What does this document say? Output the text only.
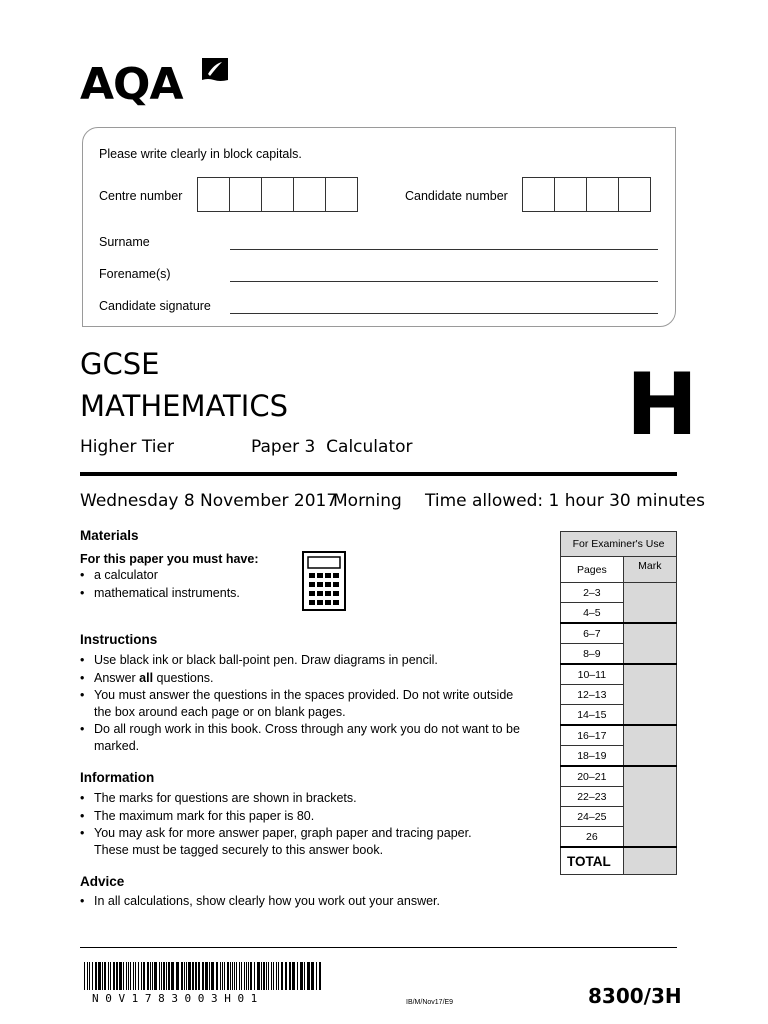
AQA
Please write clearly in block capitals.
Centre number	Candidate number
Surname
Forename(s)
Candidate signature
GCSE
MATHEMATICS
Higher Tier	Paper 3  Calculator H
Wednesday 8 November 2017
Morning Time allowed: 1 hour 30 minutes
Materials
For this paper you must have:
• a calculator
• mathematical instruments.
Instructions
• Use black ink or black ball-point pen. Draw diagrams in pencil.
• Answer all questions.
• You must answer the questions in the spaces provided. Do not write outside the box around each page or on blank pages.
• Do all rough work in this book. Cross through any work you do not want to be marked.
Information
• The marks for questions are shown in brackets.
• The maximum mark for this paper is 80.
• You may ask for more answer paper, graph paper and tracing paper. These must be tagged securely to this answer book.
Advice
• In all calculations, show clearly how you work out your answer.
For Examiner's Use	
Pages	Mark
2–3	
4–5	
6–7	
8–9	
10–11	
12–13	
14–15	
16–17	
18–19	
20–21	
22–23	
24–25	
26	
TOTAL	
N0V1783003H01	IB/M/Nov17/E9	8300/3H
